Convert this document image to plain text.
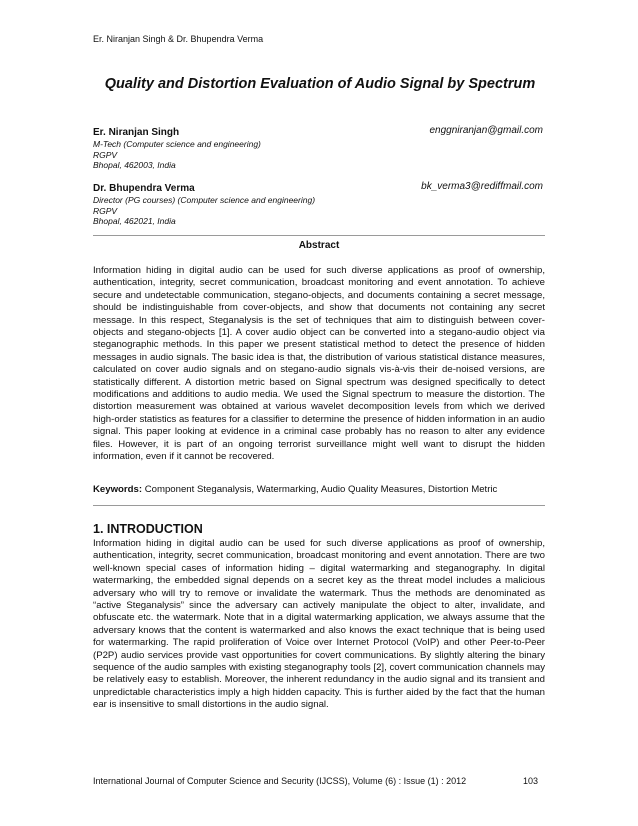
Er. Niranjan Singh & Dr. Bhupendra Verma
Quality and Distortion Evaluation of Audio Signal by Spectrum
Er. Niranjan Singh	enggniranjan@gmail.com
M-Tech (Computer science and engineering)
RGPV
Bhopal, 462003, India
Dr. Bhupendra Verma	bk_verma3@rediffmail.com
Director (PG courses) (Computer science and engineering)
RGPV
Bhopal, 462021, India
Abstract
Information hiding in digital audio can be used for such diverse applications as proof of ownership, authentication, integrity, secret communication, broadcast monitoring and event annotation. To achieve secure and undetectable communication, stegano-objects, and documents containing a secret message, should be indistinguishable from cover-objects, and show that documents not containing any secret message. In this respect, Steganalysis is the set of techniques that aim to distinguish between cover-objects and stegano-objects [1]. A cover audio object can be converted into a stegano-audio object via steganographic methods. In this paper we present statistical method to detect the presence of hidden messages in audio signals. The basic idea is that, the distribution of various statistical distance measures, calculated on cover audio signals and on stegano-audio signals vis-à-vis their de-noised versions, are statistically different. A distortion metric based on Signal spectrum was designed specifically to detect modifications and additions to audio media. We used the Signal spectrum to measure the distortion. The distortion measurement was obtained at various wavelet decomposition levels from which we derived high-order statistics as features for a classifier to determine the presence of hidden information in an audio signal. This paper looking at evidence in a criminal case probably has no reason to alter any evidence files. However, it is part of an ongoing terrorist surveillance might well want to disrupt the hidden information, even if it cannot be recovered.
Keywords: Component Steganalysis, Watermarking, Audio Quality Measures, Distortion Metric
1. INTRODUCTION
Information hiding in digital audio can be used for such diverse applications as proof of ownership, authentication, integrity, secret communication, broadcast monitoring and event annotation. There are two well-known special cases of information hiding – digital watermarking and steganography. In digital watermarking, the embedded signal depends on a secret key as the threat model includes a malicious adversary who will try to remove or invalidate the watermark. Thus the methods are denominated as “active Steganalysis” since the adversary can actively manipulate the object to alter, invalidate, and obfuscate etc. the watermark. Note that in a digital watermarking application, we always assume that the adversary knows that the content is watermarked and also knows the exact technique that is being used for watermarking. The rapid proliferation of Voice over Internet Protocol (VoIP) and other Peer-to-Peer (P2P) audio services provide vast opportunities for covert communications. By slightly altering the binary sequence of the audio samples with existing steganography tools [2], covert communication channels may be relatively easy to establish. Moreover, the inherent redundancy in the audio signal and its transient and unpredictable characteristics imply a high hidden capacity. This is further aided by the fact that the human ear is insensitive to small distortions in the audio signal.
International Journal of Computer Science and Security (IJCSS), Volume (6) : Issue (1) : 2012	103
